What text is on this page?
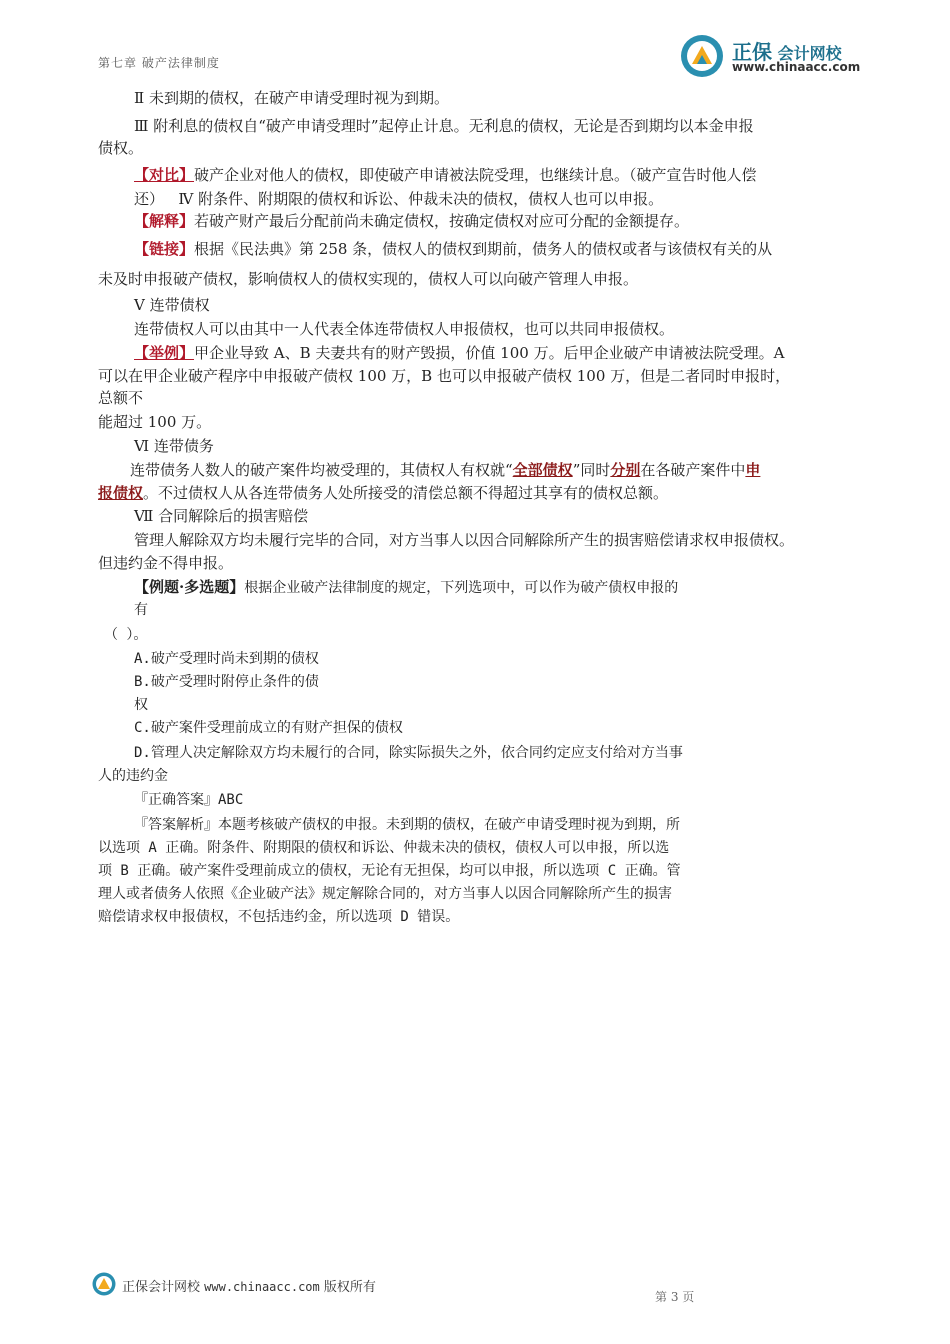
第七章 破产法律制度	正保 会计网校
www.chinaacc.com
Ⅱ 未到期的债权，在破产申请受理时视为到期。
Ⅲ 附利息的债权自“破产申请受理时”起停止计息。无利息的债权，无论是否到期均以本金申报
债权。
【对比】破产企业对他人的债权，即使破产申请被法院受理，也继续计息。（破产宣告时他人偿
还） Ⅳ 附条件、附期限的债权和诉讼、仲裁未决的债权，债权人也可以申报。
【解释】若破产财产最后分配前尚未确定债权，按确定债权对应可分配的金额提存。
【链接】根据《民法典》第 258 条，债权人的债权到期前，债务人的债权或者与该债权有关的从
未及时申报破产债权，影响债权人的债权实现的，债权人可以向破产管理人申报。
Ⅴ 连带债权
连带债权人可以由其中一人代表全体连带债权人申报债权，也可以共同申报债权。
【举例】甲企业导致 A、B 夫妻共有的财产毁损，价值 100 万。后甲企业破产申请被法院受理。A
可以在甲企业破产程序中申报破产债权 100 万，B 也可以申报破产债权 100 万，但是二者同时申报时，
总额不
能超过 100 万。
Ⅵ 连带债务
连带债务人数人的破产案件均被受理的，其债权人有权就“全部债权”同时分别在各破产案件中申
报债权。不过债权人从各连带债务人处所接受的清偿总额不得超过其享有的债权总额。
Ⅶ 合同解除后的损害赔偿
管理人解除双方均未履行完毕的合同，对方当事人以因合同解除所产生的损害赔偿请求权申报债权。
但违约金不得申报。
【例题·多选题】根据企业破产法律制度的规定，下列选项中，可以作为破产债权申报的
有
（ ）。
A.破产受理时尚未到期的债权
B.破产受理时附停止条件的债
权
C.破产案件受理前成立的有财产担保的债权
D.管理人决定解除双方均未履行的合同，除实际损失之外，依合同约定应支付给对方当事
人的违约金
『正确答案』ABC
『答案解析』本题考核破产债权的申报。未到期的债权，在破产申请受理时视为到期，所
以选项 A 正确。附条件、附期限的债权和诉讼、仲裁未决的债权，债权人可以申报，所以选
项 B 正确。破产案件受理前成立的债权，无论有无担保，均可以申报，所以选项 C 正确。管
理人或者债务人依照《企业破产法》规定解除合同的，对方当事人以因合同解除所产生的损害
赔偿请求权申报债权，不包括违约金，所以选项 D 错误。
正保会计网校 www.chinaacc.com 版权所有
第 3 页
